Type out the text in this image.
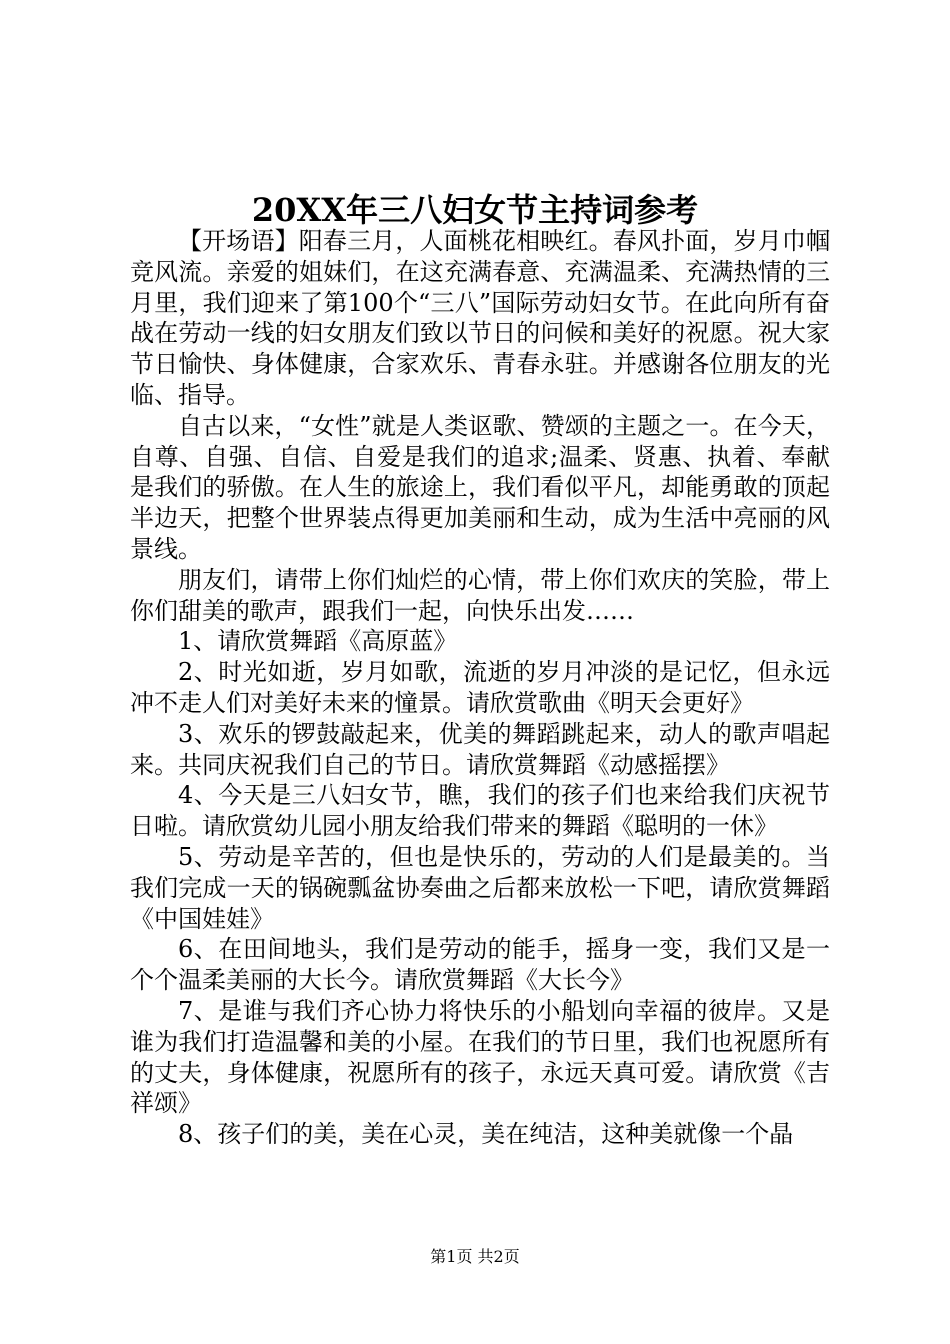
20XX年三八妇女节主持词参考

【开场语】阳春三月，人面桃花相映红。春风扑面，岁月巾帼竞风流。亲爱的姐妹们，在这充满春意、充满温柔、充满热情的三月里，我们迎来了第100个“三八”国际劳动妇女节。在此向所有奋战在劳动一线的妇女朋友们致以节日的问候和美好的祝愿。祝大家节日愉快、身体健康，合家欢乐、青春永驻。并感谢各位朋友的光临、指导。

自古以来，“女性”就是人类讴歌、赞颂的主题之一。在今天，自尊、自强、自信、自爱是我们的追求;温柔、贤惠、执着、奉献是我们的骄傲。在人生的旅途上，我们看似平凡，却能勇敢的顶起半边天，把整个世界装点得更加美丽和生动，成为生活中亮丽的风景线。

朋友们，请带上你们灿烂的心情，带上你们欢庆的笑脸，带上你们甜美的歌声，跟我们一起，向快乐出发……

1、请欣赏舞蹈《高原蓝》

2、时光如逝，岁月如歌，流逝的岁月冲淡的是记忆，但永远冲不走人们对美好未来的憧景。请欣赏歌曲《明天会更好》

3、欢乐的锣鼓敲起来，优美的舞蹈跳起来，动人的歌声唱起来。共同庆祝我们自己的节日。请欣赏舞蹈《动感摇摆》

4、今天是三八妇女节，瞧，我们的孩子们也来给我们庆祝节日啦。请欣赏幼儿园小朋友给我们带来的舞蹈《聪明的一休》

5、劳动是辛苦的，但也是快乐的，劳动的人们是最美的。当我们完成一天的锅碗瓢盆协奏曲之后都来放松一下吧，请欣赏舞蹈《中国娃娃》

6、在田间地头，我们是劳动的能手，摇身一变，我们又是一个个温柔美丽的大长今。请欣赏舞蹈《大长今》

7、是谁与我们齐心协力将快乐的小船划向幸福的彼岸。又是谁为我们打造温馨和美的小屋。在我们的节日里，我们也祝愿所有的丈夫，身体健康，祝愿所有的孩子，永远天真可爱。请欣赏《吉祥颂》

8、孩子们的美，美在心灵，美在纯洁，这种美就像一个晶

第1页 共2页
